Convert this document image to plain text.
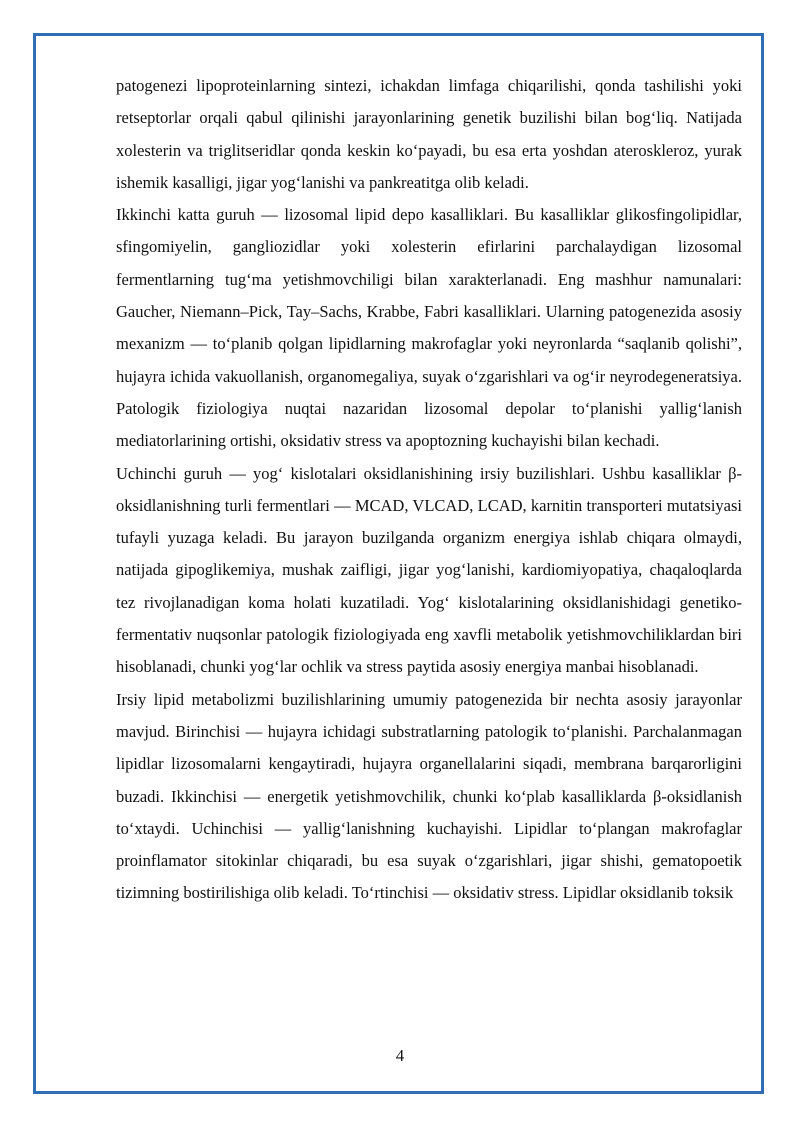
patogenezi lipoproteinlarning sintezi, ichakdan limfaga chiqarilishi, qonda tashilishi yoki retseptorlar orqali qabul qilinishi jarayonlarining genetik buzilishi bilan bog‘liq. Natijada xolesterin va triglitseridlar qonda keskin ko‘payadi, bu esa erta yoshdan ateroskleroz, yurak ishemik kasalligi, jigar yog‘lanishi va pankreatitga olib keladi.

Ikkinchi katta guruh — lizosomal lipid depo kasalliklari. Bu kasalliklar glikosfingolipidlar, sfingomiyelin, gangliozidlar yoki xolesterin efirlarini parchalaydigan lizosomal fermentlarning tug‘ma yetishmovchiligi bilan xarakterlanadi. Eng mashhur namunalari: Gaucher, Niemann–Pick, Tay–Sachs, Krabbe, Fabri kasalliklari. Ularning patogenezida asosiy mexanizm — to‘planib qolgan lipidlarning makrofaglar yoki neyronlarda “saqlanib qolishi”, hujayra ichida vakuollanish, organomegaliya, suyak o‘zgarishlari va og‘ir neyrodegeneratsiya. Patologik fiziologiya nuqtai nazaridan lizosomal depolar to‘planishi yallig‘lanish mediatorlarining ortishi, oksidativ stress va apoptozning kuchayishi bilan kechadi.

Uchinchi guruh — yog‘ kislotalari oksidlanishining irsiy buzilishlari. Ushbu kasalliklar β-oksidlanishning turli fermentlari — MCAD, VLCAD, LCAD, karnitin transporteri mutatsiyasi tufayli yuzaga keladi. Bu jarayon buzilganda organizm energiya ishlab chiqara olmaydi, natijada gipoglikemiya, mushak zaifligi, jigar yog‘lanishi, kardiomiyopatiya, chaqaloqlarda tez rivojlanadigan koma holati kuzatiladi. Yog‘ kislotalarining oksidlanishidagi genetiko-fermentativ nuqsonlar patologik fiziologiyada eng xavfli metabolik yetishmovchiliklardan biri hisoblanadi, chunki yog‘lar ochlik va stress paytida asosiy energiya manbai hisoblanadi.

Irsiy lipid metabolizmi buzilishlarining umumiy patogenezida bir nechta asosiy jarayonlar mavjud. Birinchisi — hujayra ichidagi substratlarning patologik to‘planishi. Parchalanmagan lipidlar lizosomalarni kengaytiradi, hujayra organellalarini siqadi, membrana barqarorligini buzadi. Ikkinchisi — energetik yetishmovchilik, chunki ko‘plab kasalliklarda β-oksidlanish to‘xtaydi. Uchinchisi — yallig‘lanishning kuchayishi. Lipidlar to‘plangan makrofaglar proinflamator sitokinlar chiqaradi, bu esa suyak o‘zgarishlari, jigar shishi, gematopoetik tizimning bostirilishiga olib keladi. To‘rtinchisi — oksidativ stress. Lipidlar oksidlanib toksik

4
